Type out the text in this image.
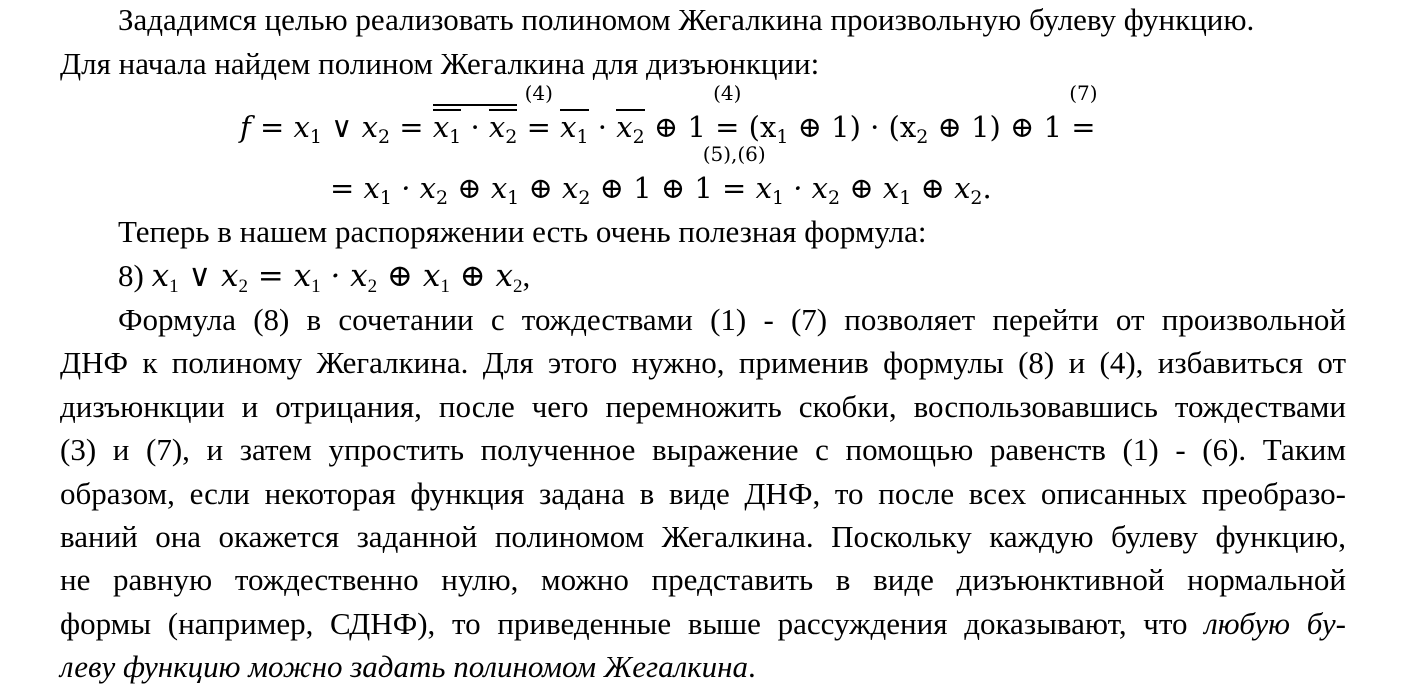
Зададимся целью реализовать полиномом Жегалкина произвольную булеву функцию.
Для начала найдем полином Жегалкина для дизъюнкции:
$f = x_1$ ∨ $x_2 = x_1 \cdot x_2$
(4)
= $x_1 \cdot x_2$ ⊕ 1
(4)
= ($x_1$ ⊕ $1) \cdot (x_2$ ⊕ 1) ⊕ 1
(7)
=
= $x_1 \cdot x_2$ ⊕ $x_1$ ⊕ $x_2$ ⊕ 1 ⊕ 1
(5),(6)
= $x_1 \cdot x_2$ ⊕ $x_1$ ⊕ $x_2$.
Теперь в нашем распоряжении есть очень полезная формула:
8) $x_1$ ∨ $x_2 = x_1 \cdot x_2$ ⊕ $x_1$ ⊕ $x_2$,
Формула (8) в сочетании с тождествами (1) - (7) позволяет перейти от произвольной
ДНФ к полиному Жегалкина. Для этого нужно, применив формулы (8) и (4), избавиться от
дизъюнкции и отрицания, после чего перемножить скобки, воспользовавшись тождествами
(3) и (7), и затем упростить полученное выражение с помощью равенств (1) - (6). Таким
образом, если некоторая функция задана в виде ДНФ, то после всех описанных преобразо-
ваний она окажется заданной полиномом Жегалкина. Поскольку каждую булеву функцию,
не равную тождественно нулю, можно представить в виде дизъюнктивной нормальной
формы (например, СДНФ), то приведенные выше рассуждения доказывают, что любую бу-
леву функцию можно задать полиномом Жегалкина.
